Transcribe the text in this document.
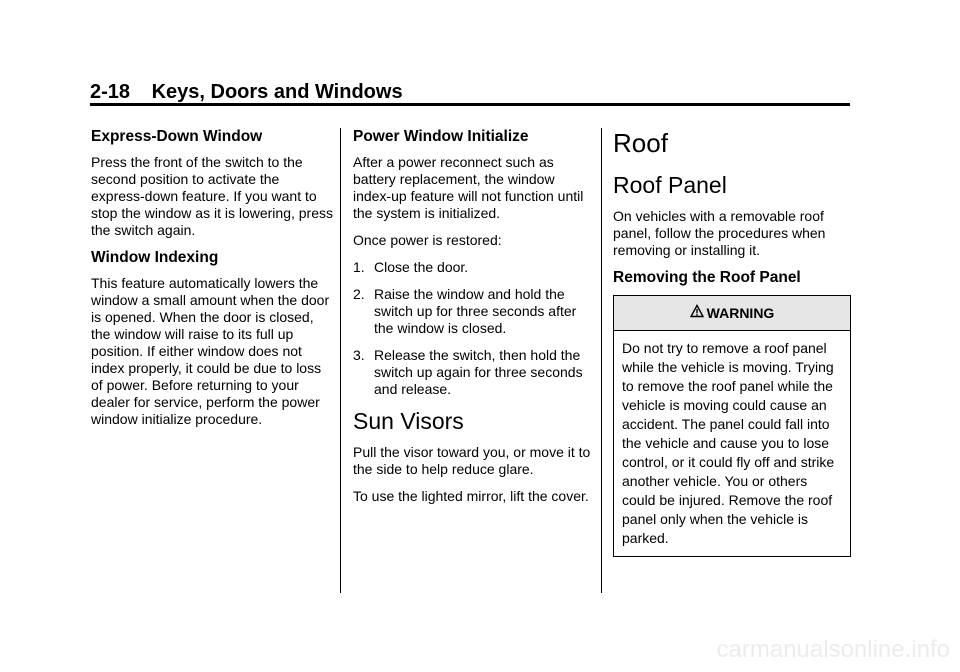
2-18 Keys, Doors and Windows
Express-Down Window

Press the front of the switch to the second position to activate the express-down feature. If you want to stop the window as it is lowering, press the switch again.

Window Indexing

This feature automatically lowers the window a small amount when the door is opened. When the door is closed, the window will raise to its full up position. If either window does not index properly, it could be due to loss of power. Before returning to your dealer for service, perform the power window initialize procedure.

Power Window Initialize

After a power reconnect such as battery replacement, the window index-up feature will not function until the system is initialized.

Once power is restored:

1. Close the door.
2. Raise the window and hold the switch up for three seconds after the window is closed.
3. Release the switch, then hold the switch up again for three seconds and release.
Sun Visors

Pull the visor toward you, or move it to the side to help reduce glare.

To use the lighted mirror, lift the cover.

Roof
Roof Panel

On vehicles with a removable roof panel, follow the procedures when removing or installing it.

Removing the Roof Panel
WARNING
Do not try to remove a roof panel while the vehicle is moving. Trying to remove the roof panel while the vehicle is moving could cause an accident. The panel could fall into the vehicle and cause you to lose control, or it could fly off and strike another vehicle. You or others could be injured. Remove the roof panel only when the vehicle is parked.
carmanualsonline.info
